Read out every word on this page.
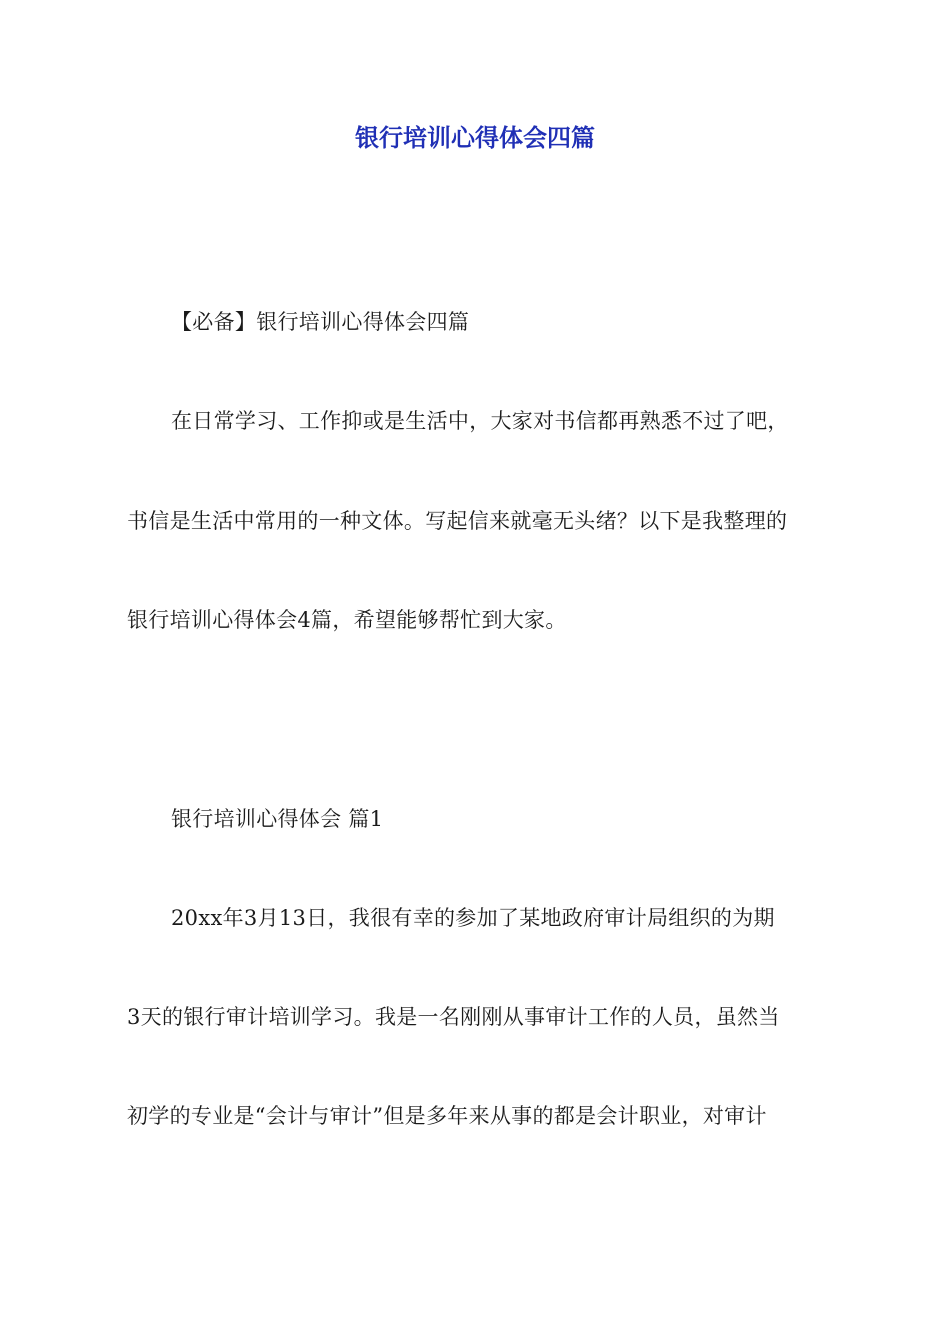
银行培训心得体会四篇
【必备】银行培训心得体会四篇
在日常学习、工作抑或是生活中，大家对书信都再熟悉不过了吧，
书信是生活中常用的一种文体。写起信来就毫无头绪？以下是我整理的
银行培训心得体会4篇，希望能够帮忙到大家。
银行培训心得体会 篇1
20xx年3月13日，我很有幸的参加了某地政府审计局组织的为期
3天的银行审计培训学习。我是一名刚刚从事审计工作的人员，虽然当
初学的专业是“会计与审计”但是多年来从事的都是会计职业，对审计
